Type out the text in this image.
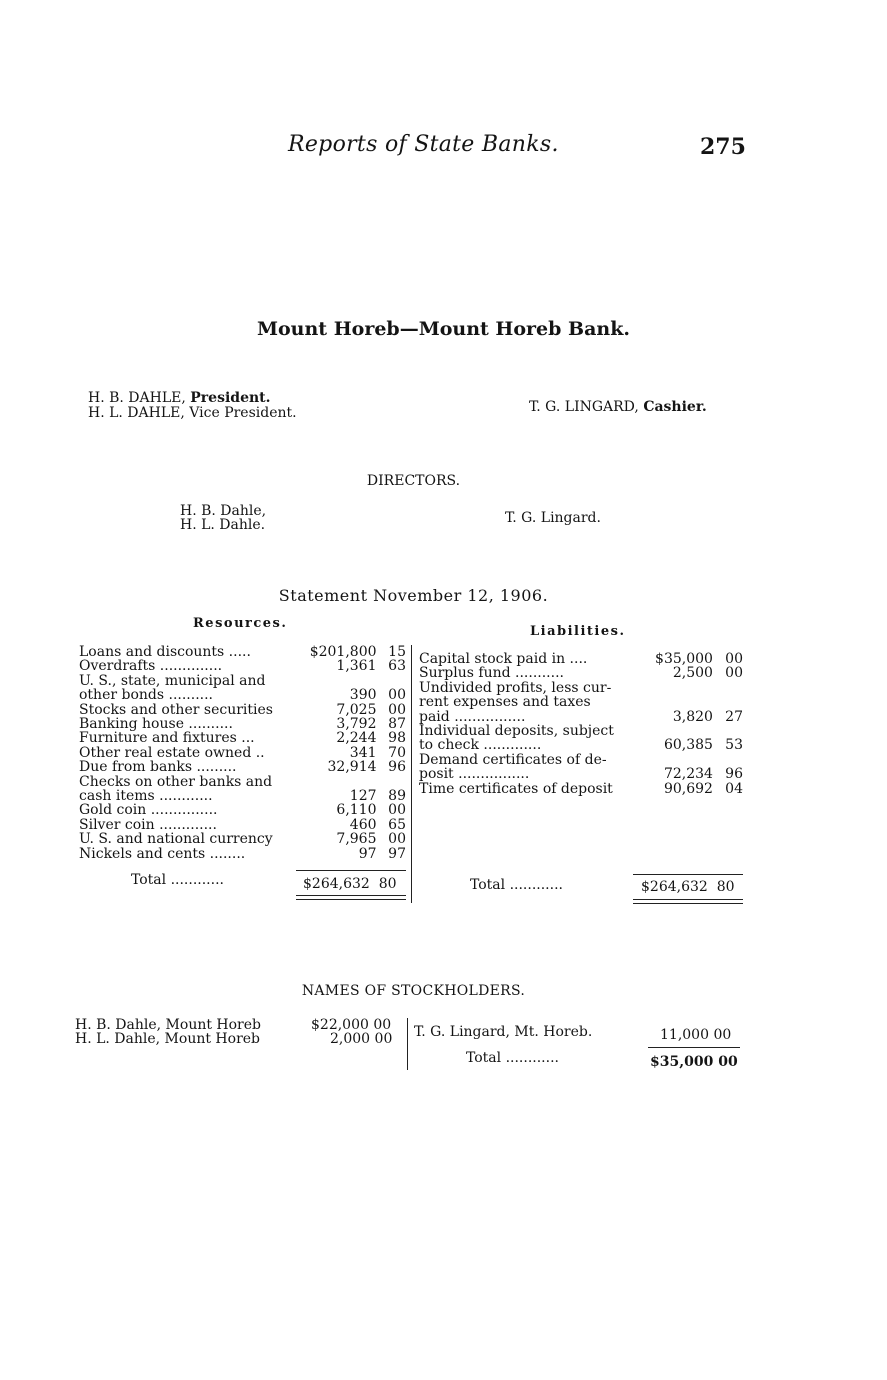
Reports of State Banks.	275
Mount Horeb—Mount Horeb Bank.
H. B. DAHLE, President.
H. L. DAHLE, Vice President.	T. G. LINGARD, Cashier.
DIRECTORS.
H. B. Dahle,
H. L. Dahle.	T. G. Lingard.
Statement November 12, 1906.
Resources.
Liabilities.
Loans and discounts .....	$201,800	15
Overdrafts ..............	1,361	63
U. S., state, municipal and		
other bonds ..........	390	00
Stocks and other securities	7,025	00
Banking house ..........	3,792	87
Furniture and fixtures ...	2,244	98
Other real estate owned ..	341	70
Due from banks .........	32,914	96
Checks on other banks and		
cash items ............	127	89
Gold coin ...............	6,110	00
Silver coin .............	460	65
U. S. and national currency	7,965	00
Nickels and cents ........	97	97
Capital stock paid in ....	$35,000	00
Surplus fund ...........	2,500	00
Undivided profits, less cur-		
rent expenses and taxes		
paid ................	3,820	27
Individual deposits, subject		
to check .............	60,385	53
Demand certificates of de-		
posit ................	72,234	96
Time certificates of deposit	90,692	04
Total ............	$264,632 80	Total ............	$264,632 80
NAMES OF STOCKHOLDERS.
H. B. Dahle, Mount Horeb	$22,000 00
H. L. Dahle, Mount Horeb	2,000 00 T. G. Lingard, Mt. Horeb.	11,000 00
Total ............	$35,000 00
